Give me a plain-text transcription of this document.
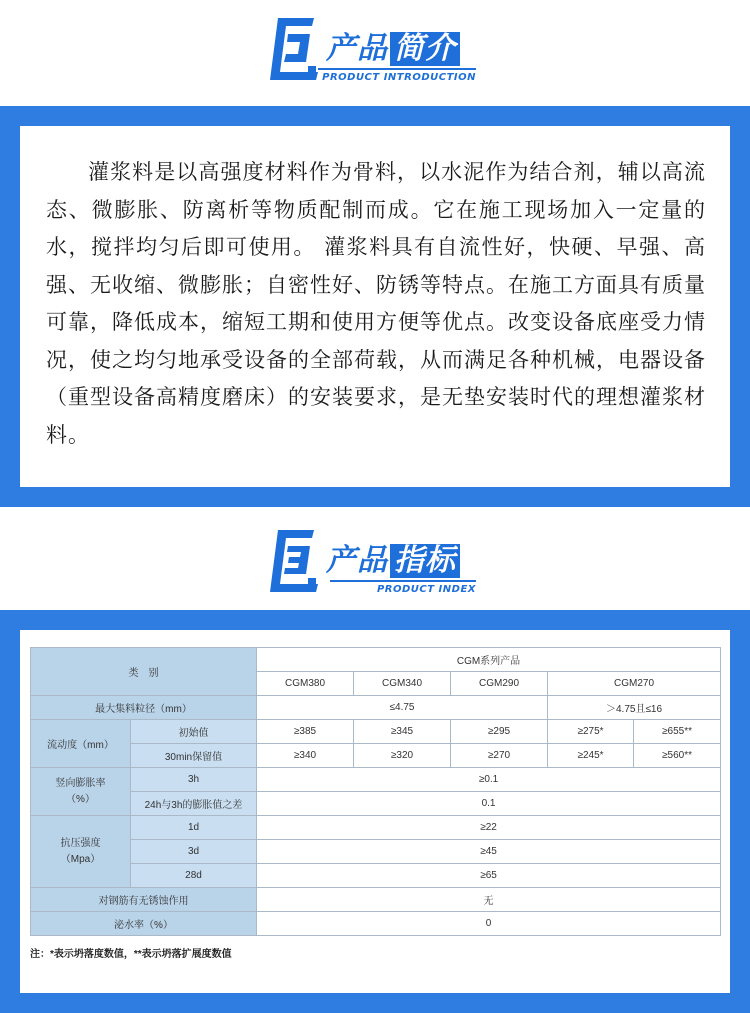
产品 简介
PRODUCT INTRODUCTION
灌浆料是以高强度材料作为骨料，以水泥作为结合剂，辅以高流态、微膨胀、防离析等物质配制而成。它在施工现场加入一定量的水，搅拌均匀后即可使用。 灌浆料具有自流性好，快硬、早强、高强、无收缩、微膨胀；自密性好、防锈等特点。在施工方面具有质量可靠，降低成本，缩短工期和使用方便等优点。改变设备底座受力情况，使之均匀地承受设备的全部荷载，从而满足各种机械，电器设备（重型设备高精度磨床）的安装要求，是无垫安装时代的理想灌浆材料。
产品 指标
PRODUCT INDEX
类　别		CGM系列产品				
		CGM380	CGM340	CGM290	CGM270	
最大集料粒径（mm）		≤4.75			＞4.75且≤16	
流动度（mm）	初始值	≥385	≥345	≥295	≥275*	≥655**
	30min保留值	≥340	≥320	≥270	≥245*	≥560**
竖向膨胀率
（%）	3h	≥0.1				
	24h与3h的膨胀值之差	0.1				
抗压强度
（Mpa）	1d	≥22				
	3d	≥45				
	28d	≥65				
对钢筋有无锈蚀作用		无				
泌水率（%）		0				
注：*表示坍落度数值，**表示坍落扩展度数值
